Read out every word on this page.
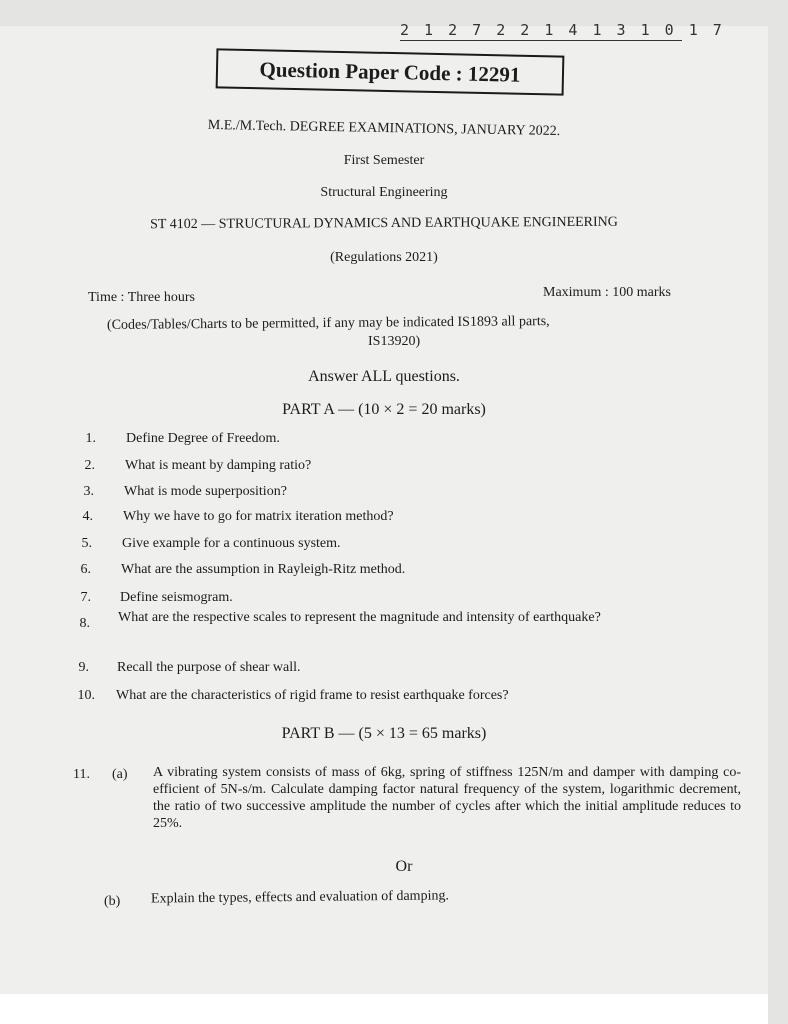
2 1 2 7 2 2 1 4 1 3 1 0 1 7
Question Paper Code : 12291
M.E./M.Tech. DEGREE EXAMINATIONS, JANUARY 2022.
First Semester
Structural Engineering
ST 4102 — STRUCTURAL DYNAMICS AND EARTHQUAKE ENGINEERING
(Regulations 2021)
Time : Three hours	Maximum : 100 marks
(Codes/Tables/Charts to be permitted, if any may be indicated IS1893 all parts,
IS13920)
Answer ALL questions.
PART A — (10 × 2 = 20 marks)
1. Define Degree of Freedom.
2. What is meant by damping ratio?
3. What is mode superposition?
4. Why we have to go for matrix iteration method?
5. Give example for a continuous system.
6. What are the assumption in Rayleigh-Ritz method.
7. Define seismogram.
8. What are the respective scales to represent the magnitude and intensity of earthquake?
9. Recall the purpose of shear wall.
10. What are the characteristics of rigid frame to resist earthquake forces?
PART B — (5 × 13 = 65 marks)
11. (a) A vibrating system consists of mass of 6kg, spring of stiffness 125N/m and damper with damping co-efficient of 5N-s/m. Calculate damping factor natural frequency of the system, logarithmic decrement, the ratio of two successive amplitude the number of cycles after which the initial amplitude reduces to 25%.
Or
(b) Explain the types, effects and evaluation of damping.
